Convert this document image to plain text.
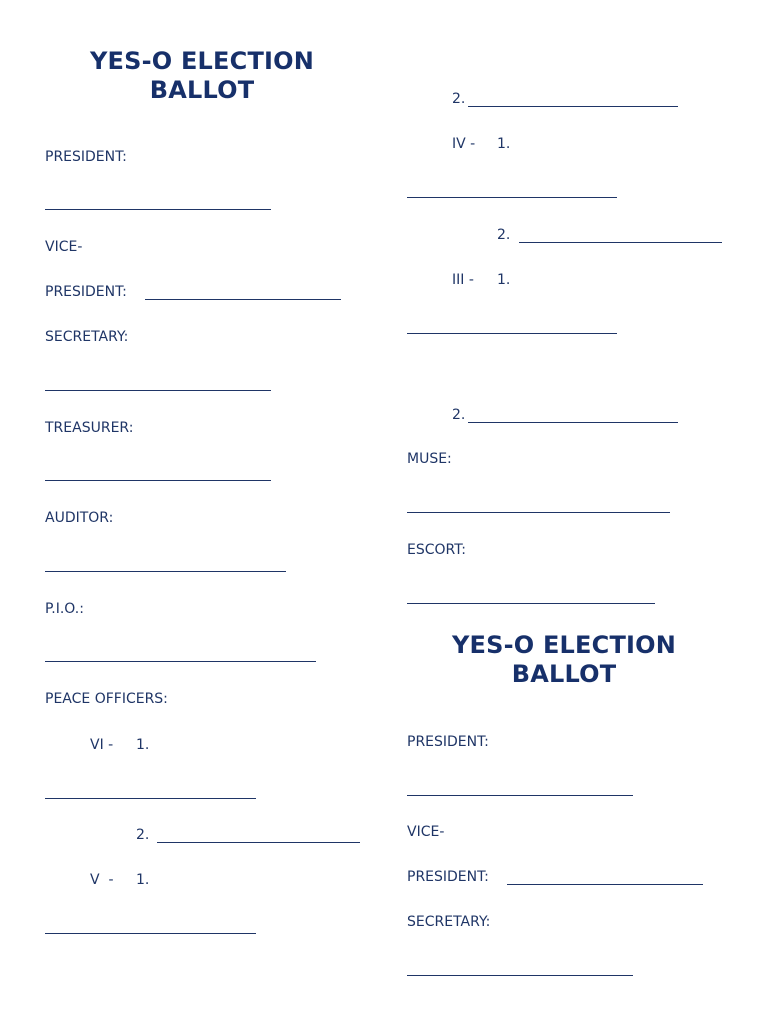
YES-O ELECTION
BALLOT
PRESIDENT:
VICE-
PRESIDENT:
SECRETARY:
TREASURER:
AUDITOR:
P.I.O.:
PEACE OFFICERS:
VI - 1.
2.
V  - 1.
2.
IV - 1.
2.
III - 1.
2.
MUSE:
ESCORT:
YES-O ELECTION
BALLOT
PRESIDENT:
VICE-
PRESIDENT:
SECRETARY:
